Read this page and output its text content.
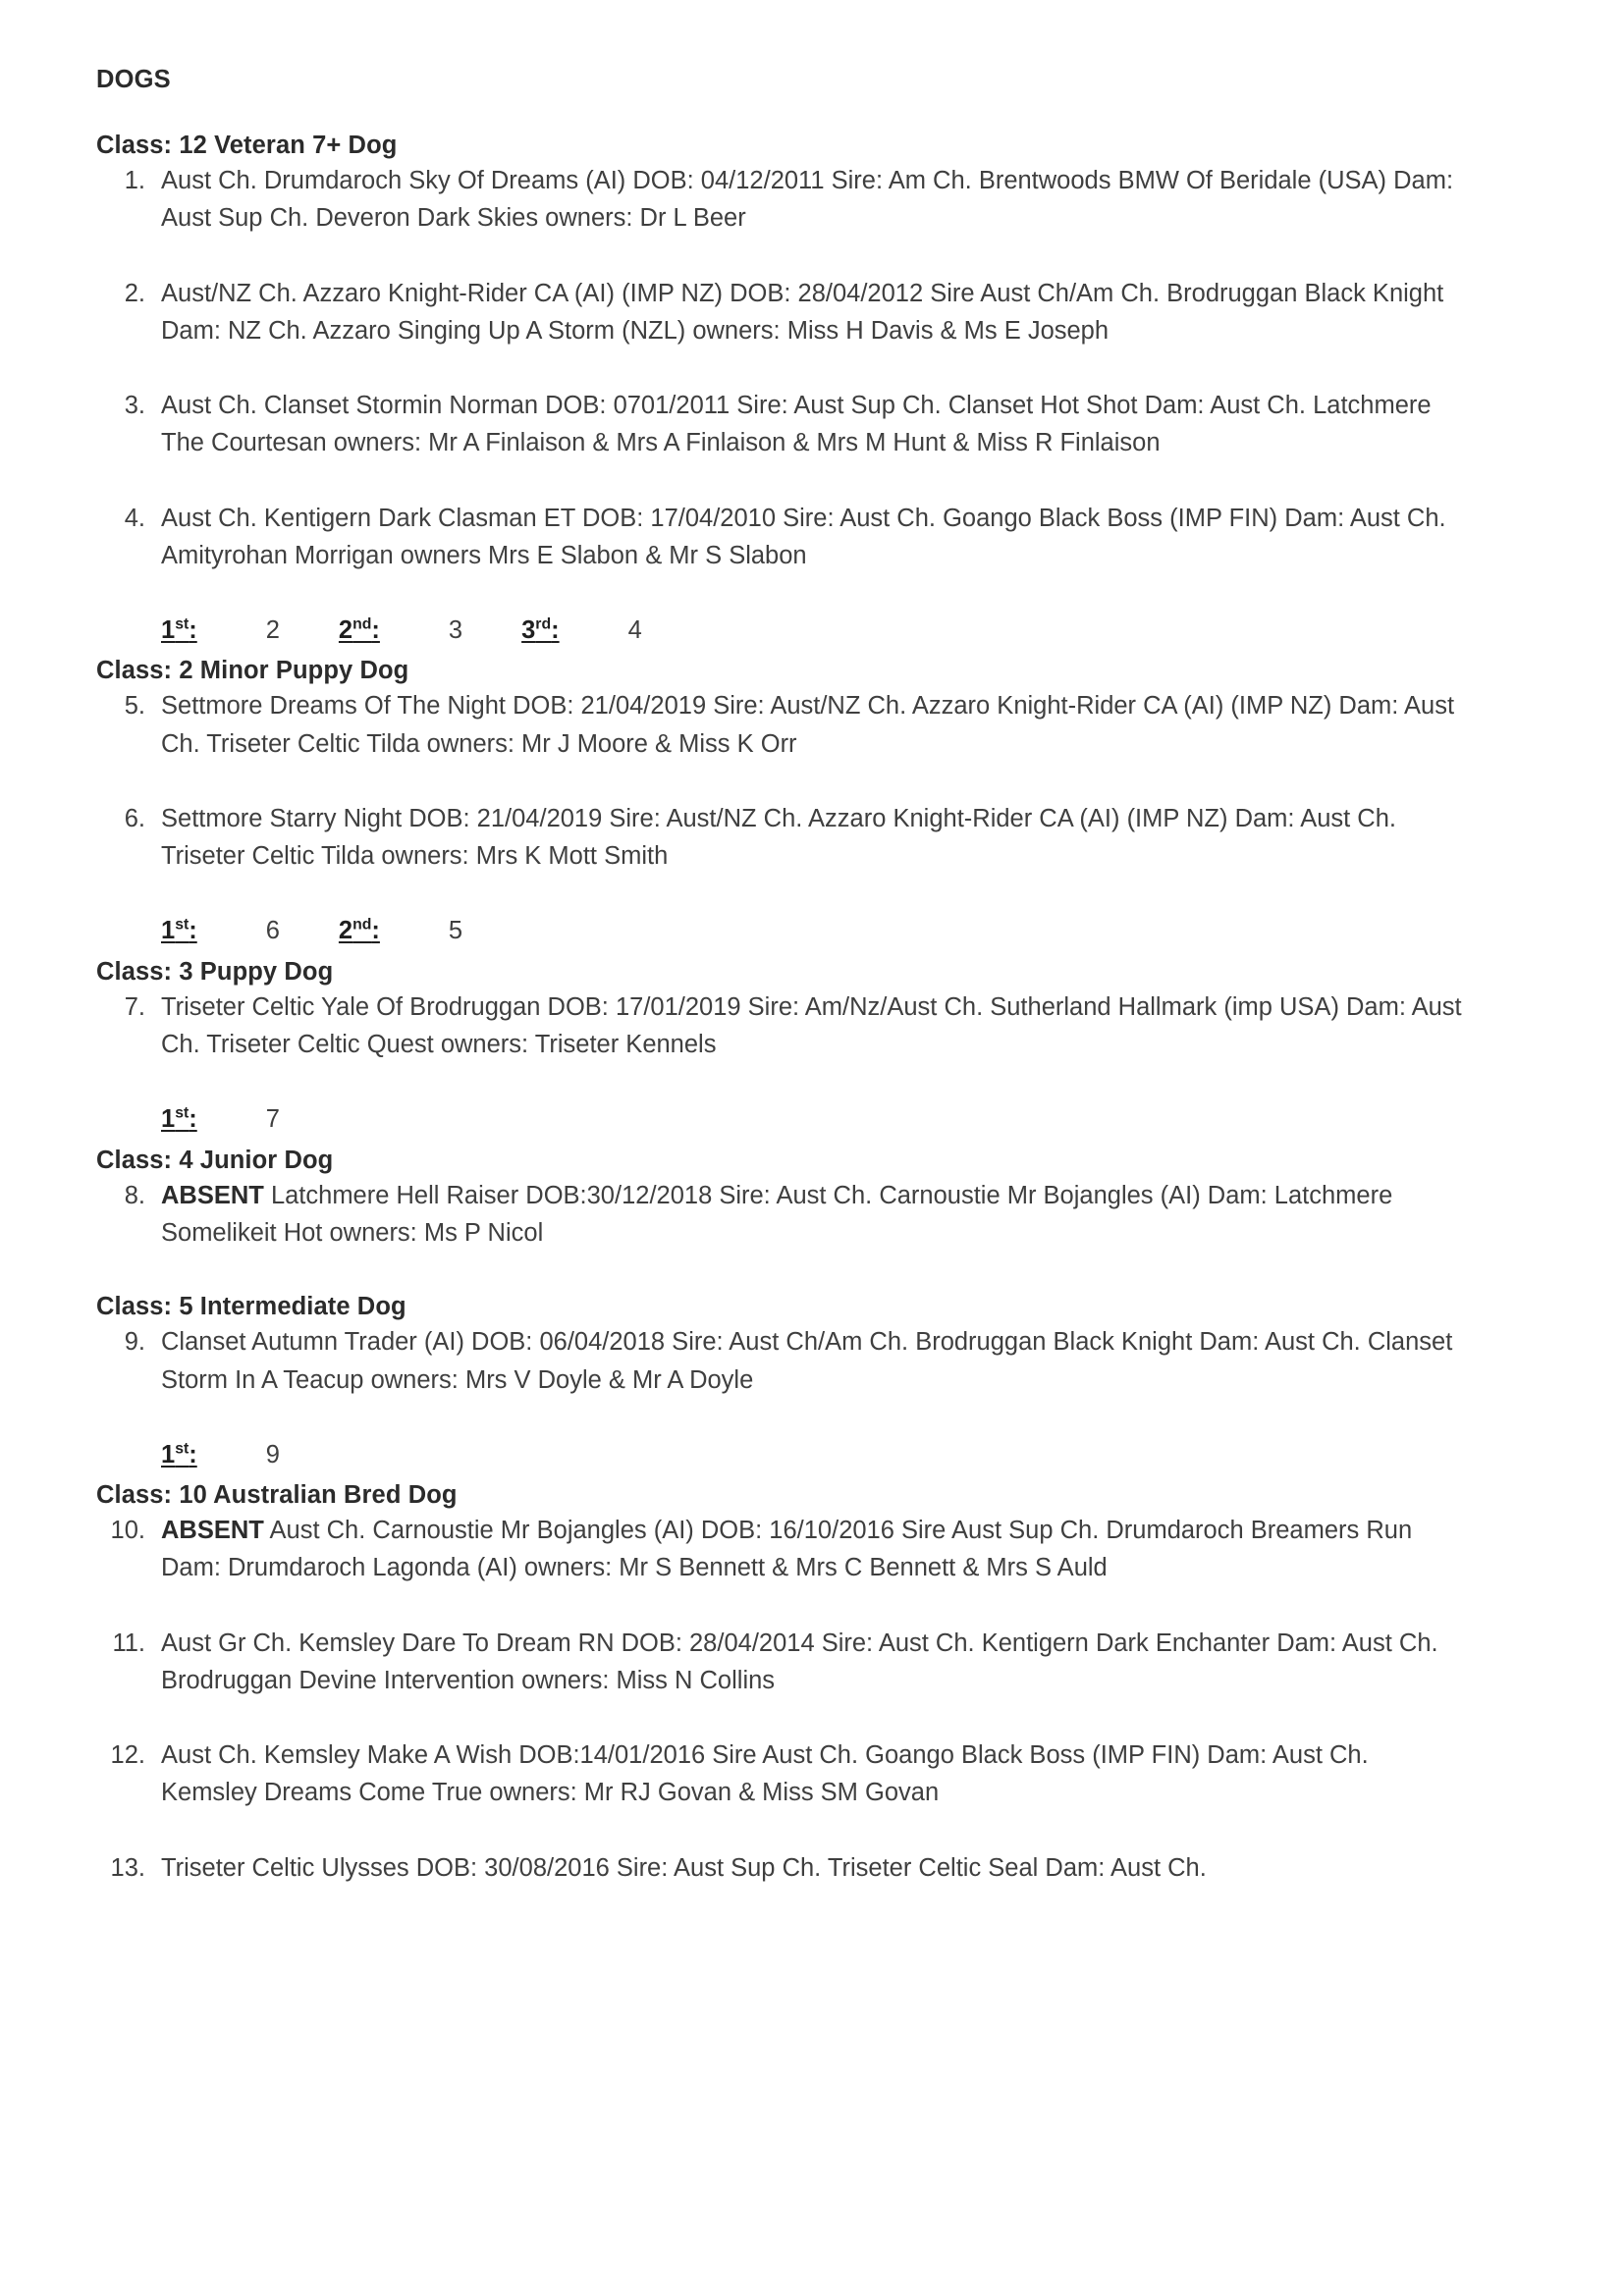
DOGS
Class: 12 Veteran 7+ Dog
1. Aust Ch. Drumdaroch Sky Of Dreams (AI) DOB: 04/12/2011 Sire: Am Ch. Brentwoods BMW Of Beridale (USA) Dam: Aust Sup Ch. Deveron Dark Skies owners: Dr L Beer
2. Aust/NZ Ch. Azzaro Knight-Rider CA (AI) (IMP NZ) DOB: 28/04/2012 Sire Aust Ch/Am Ch. Brodruggan Black Knight Dam: NZ Ch. Azzaro Singing Up A Storm (NZL) owners: Miss H Davis & Ms E Joseph
3. Aust Ch. Clanset Stormin Norman DOB: 0701/2011 Sire: Aust Sup Ch. Clanset Hot Shot Dam: Aust Ch. Latchmere The Courtesan owners: Mr A Finlaison & Mrs A Finlaison & Mrs M Hunt & Miss R Finlaison
4. Aust Ch. Kentigern Dark Clasman ET DOB: 17/04/2010 Sire: Aust Ch. Goango Black Boss (IMP FIN) Dam: Aust Ch. Amityrohan Morrigan owners Mrs E Slabon & Mr S Slabon
1st:	2 2nd:	3 3rd:	4
Class: 2 Minor Puppy Dog
5. Settmore Dreams Of The Night DOB: 21/04/2019 Sire: Aust/NZ Ch. Azzaro Knight-Rider CA (AI) (IMP NZ) Dam: Aust Ch. Triseter Celtic Tilda owners: Mr J Moore & Miss K Orr
6. Settmore Starry Night DOB: 21/04/2019 Sire: Aust/NZ Ch. Azzaro Knight-Rider CA (AI) (IMP NZ) Dam: Aust Ch. Triseter Celtic Tilda owners: Mrs K Mott Smith
1st:	6 2nd:	5
Class: 3 Puppy Dog
7. Triseter Celtic Yale Of Brodruggan DOB: 17/01/2019 Sire: Am/Nz/Aust Ch. Sutherland Hallmark (imp USA) Dam: Aust Ch. Triseter Celtic Quest owners: Triseter Kennels
1st:	7
Class: 4 Junior Dog
8. ABSENT Latchmere Hell Raiser DOB:30/12/2018 Sire: Aust Ch. Carnoustie Mr Bojangles (AI) Dam: Latchmere Somelikeit Hot owners: Ms P Nicol
Class: 5 Intermediate Dog
9. Clanset Autumn Trader (AI) DOB: 06/04/2018 Sire: Aust Ch/Am Ch. Brodruggan Black Knight Dam: Aust Ch. Clanset Storm In A Teacup owners: Mrs V Doyle & Mr A Doyle
1st:	9
Class: 10 Australian Bred Dog
10. ABSENT Aust Ch. Carnoustie Mr Bojangles (AI) DOB: 16/10/2016 Sire Aust Sup Ch. Drumdaroch Breamers Run Dam: Drumdaroch Lagonda (AI) owners: Mr S Bennett & Mrs C Bennett & Mrs S Auld
11. Aust Gr Ch. Kemsley Dare To Dream RN DOB: 28/04/2014 Sire: Aust Ch. Kentigern Dark Enchanter Dam: Aust Ch. Brodruggan Devine Intervention owners: Miss N Collins
12. Aust Ch. Kemsley Make A Wish DOB:14/01/2016 Sire Aust Ch. Goango Black Boss (IMP FIN) Dam: Aust Ch. Kemsley Dreams Come True owners: Mr RJ Govan & Miss SM Govan
13. Triseter Celtic Ulysses DOB: 30/08/2016 Sire: Aust Sup Ch. Triseter Celtic Seal Dam: Aust Ch.
